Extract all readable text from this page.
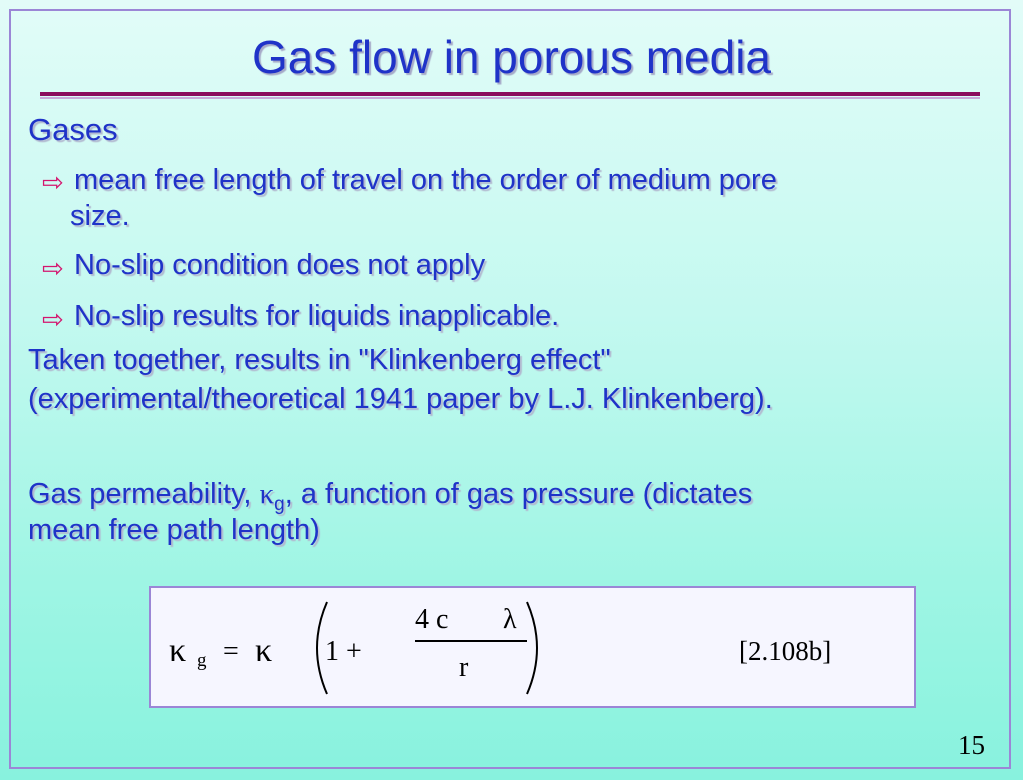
Gas flow in porous media
Gases
⇨ mean free length of travel on the order of medium pore
size.
⇨ No-slip condition does not apply
⇨ No-slip results for liquids inapplicable.
Taken together, results in "Klinkenberg effect"
(experimental/theoretical 1941 paper by L.J. Klinkenberg).
Gas permeability, $\kappa_g$, a function of gas pressure (dictates
mean free path length)
κ g = κ 1 +
4 c λ
r
[2.108b]
15
